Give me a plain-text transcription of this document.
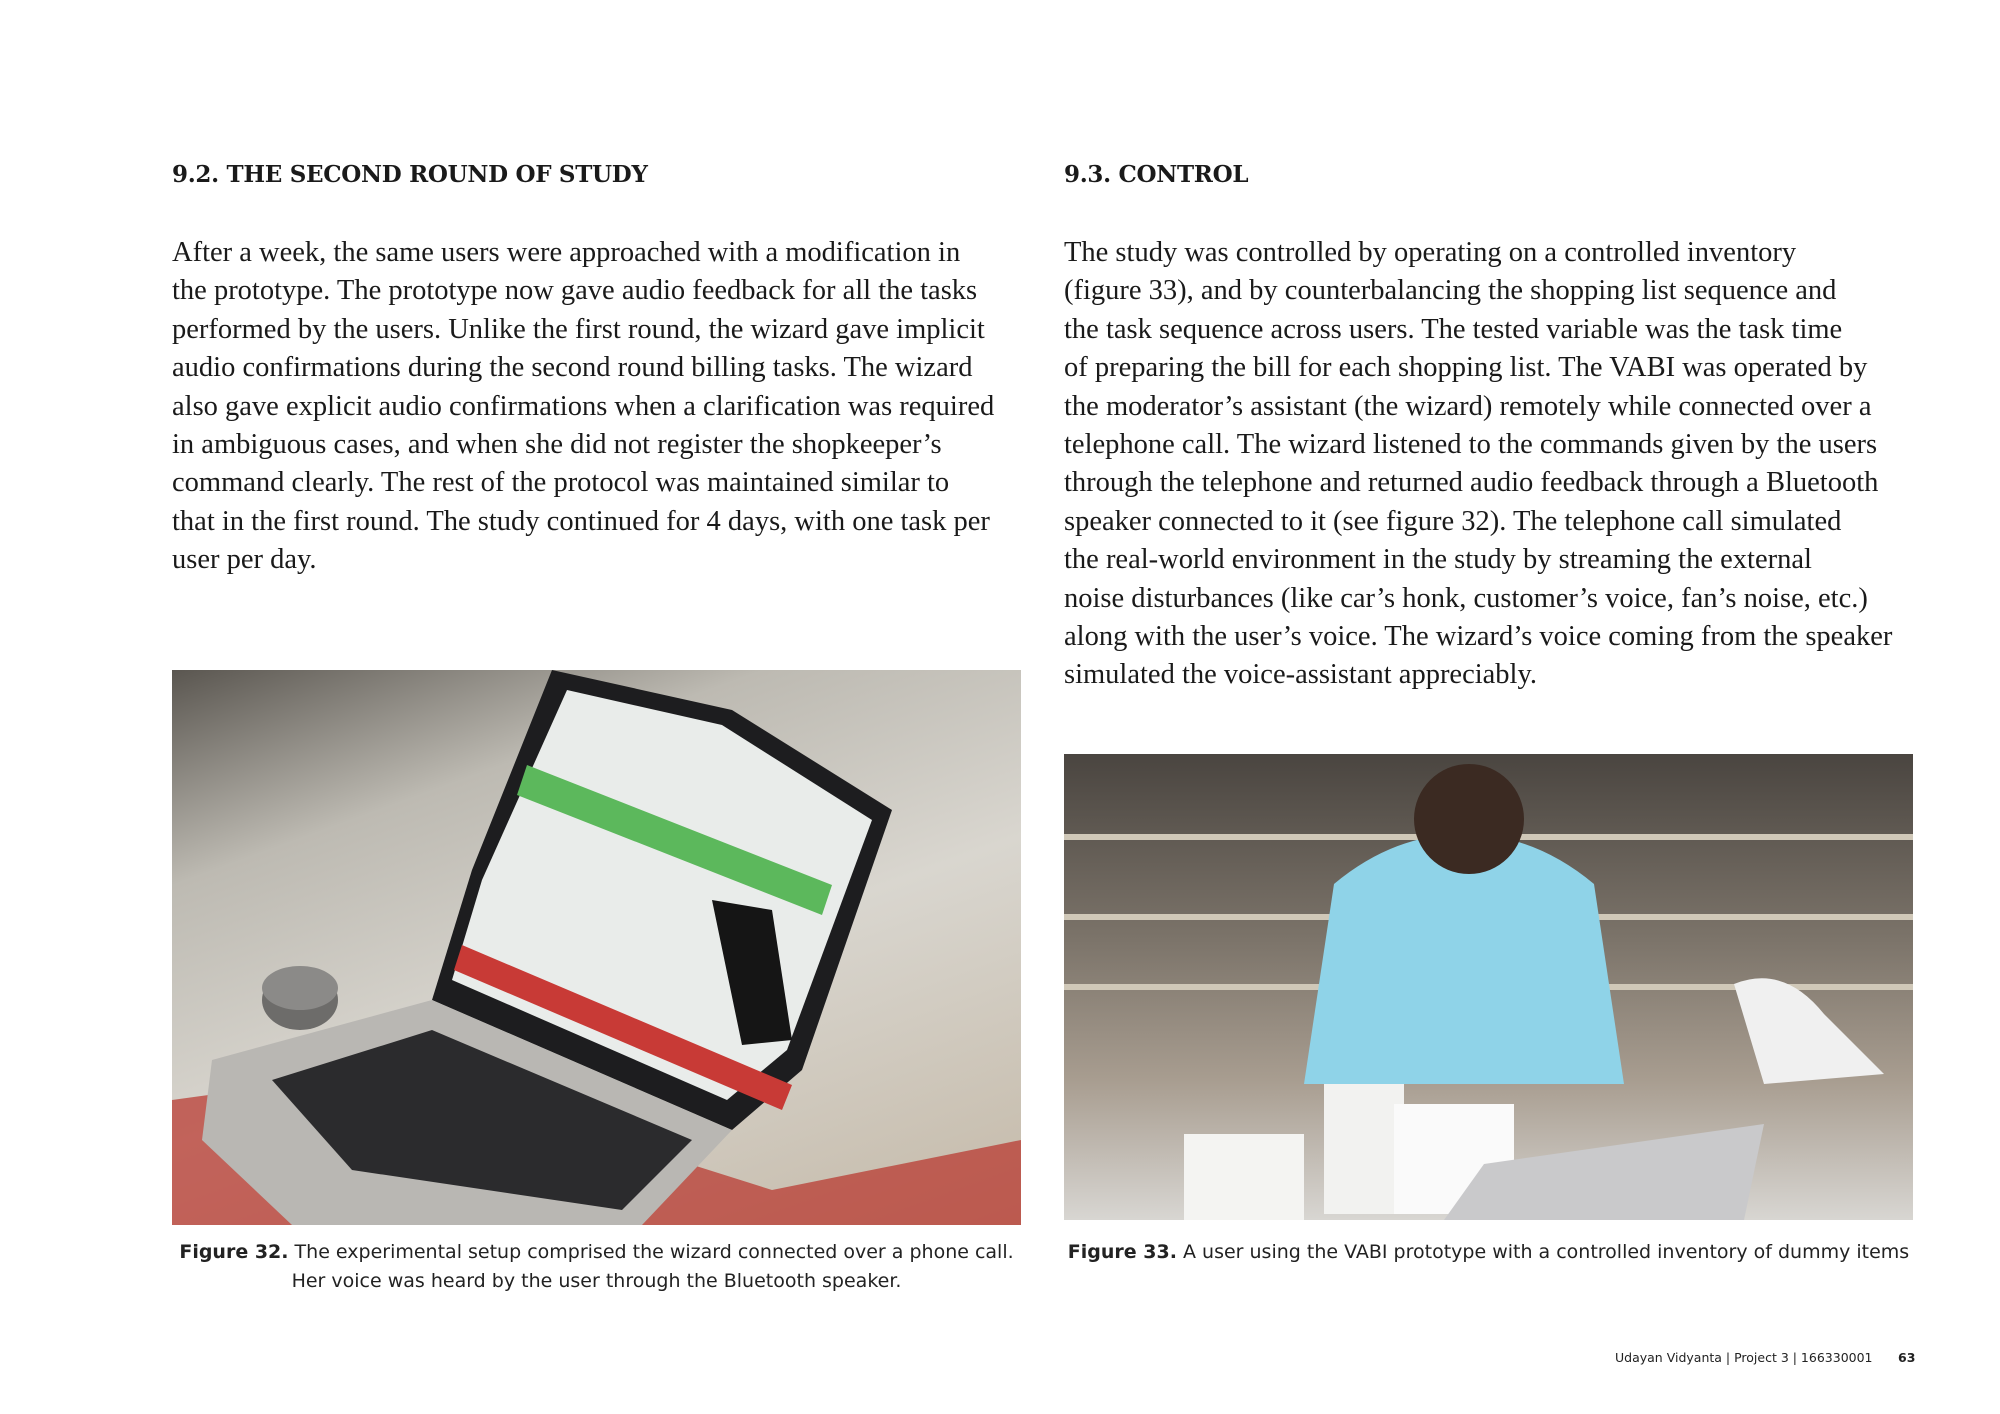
9.2. THE SECOND ROUND OF STUDY	9.3. CONTROL
After a week, the same users were approached with a modification in
the prototype. The prototype now gave audio feedback for all the tasks
performed by the users. Unlike the first round, the wizard gave implicit
audio confirmations during the second round billing tasks. The wizard
also gave explicit audio confirmations when a clarification was required
in ambiguous cases, and when she did not register the shopkeeper’s
command clearly. The rest of the protocol was maintained similar to
that in the first round. The study continued for 4 days, with one task per
user per day.
The study was controlled by operating on a controlled inventory
(figure 33), and by counterbalancing the shopping list sequence and
the task sequence across users. The tested variable was the task time
of preparing the bill for each shopping list. The VABI was operated by
the moderator’s assistant (the wizard) remotely while connected over a
telephone call. The wizard listened to the commands given by the users
through the telephone and returned audio feedback through a Bluetooth
speaker connected to it (see figure 32). The telephone call simulated
the real-world environment in the study by streaming the external
noise disturbances (like car’s honk, customer’s voice, fan’s noise, etc.)
along with the user’s voice. The wizard’s voice coming from the speaker
simulated the voice-assistant appreciably.
Figure 32. The experimental setup comprised the wizard connected over a phone call.
Her voice was heard by the user through the Bluetooth speaker.
Figure 33. A user using the VABI prototype with a controlled inventory of dummy items
Udayan Vidyanta | Project 3 | 166330001 63
